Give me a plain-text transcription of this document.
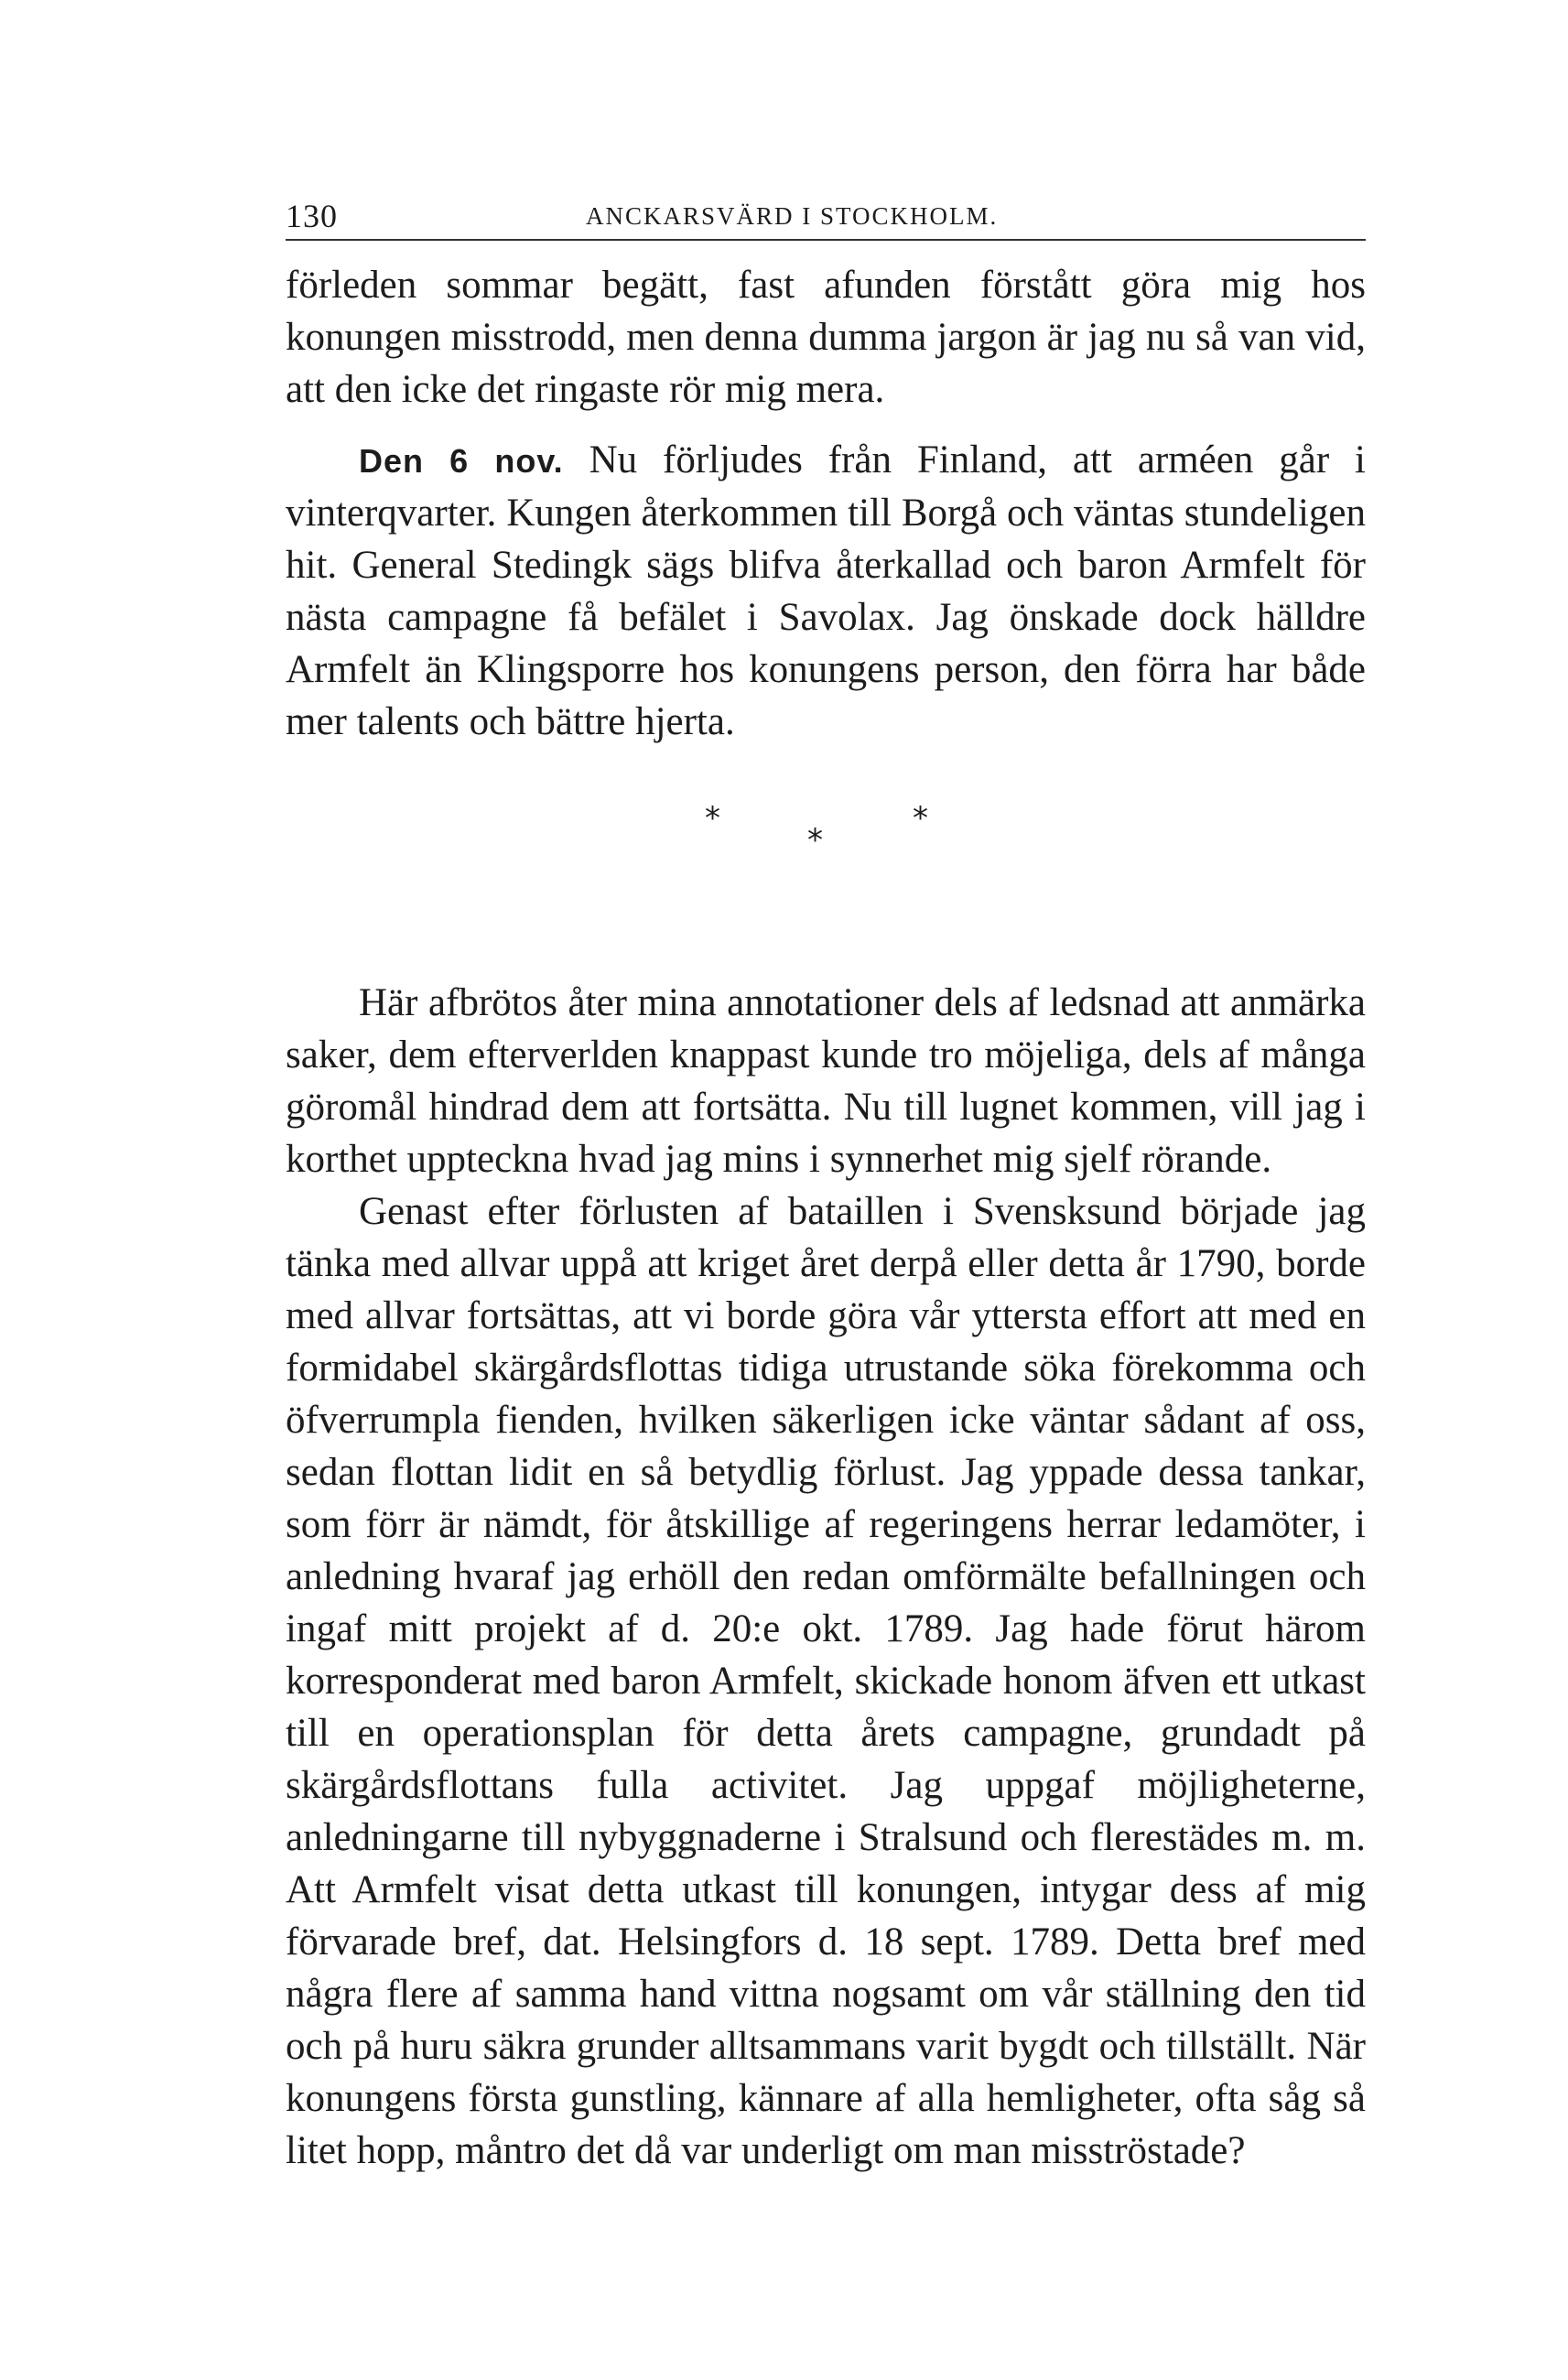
130	ANCKARSVÄRD I STOCKHOLM.

förleden sommar begätt, fast afunden förstått göra mig hos konungen misstrodd, men denna dumma jargon är jag nu så van vid, att den icke det ringaste rör mig mera.

Den 6 nov. Nu förljudes från Finland, att arméen går i vinterqvarter. Kungen återkommen till Borgå och väntas stundeligen hit. General Stedingk sägs blifva återkallad och baron Armfelt för nästa campagne få befälet i Savolax. Jag önskade dock hälldre Armfelt än Klingsporre hos konungens person, den förra har både mer talents och bättre hjerta.

*
*
*

Här afbrötos åter mina annotationer dels af ledsnad att anmärka saker, dem efterverlden knappast kunde tro möjeliga, dels af många göromål hindrad dem att fortsätta. Nu till lugnet kommen, vill jag i korthet uppteckna hvad jag mins i synnerhet mig sjelf rörande.

Genast efter förlusten af bataillen i Svensksund började jag tänka med allvar uppå att kriget året derpå eller detta år 1790, borde med allvar fortsättas, att vi borde göra vår yttersta effort att med en formidabel skärgårdsflottas tidiga utrustande söka förekomma och öfverrumpla fienden, hvilken säkerligen icke väntar sådant af oss, sedan flottan lidit en så betydlig förlust. Jag yppade dessa tankar, som förr är nämdt, för åtskillige af regeringens herrar ledamöter, i anledning hvaraf jag erhöll den redan omförmälte befallningen och ingaf mitt projekt af d. 20:e okt. 1789. Jag hade förut härom korresponderat med baron Armfelt, skickade honom äfven ett utkast till en operationsplan för detta årets campagne, grundadt på skärgårdsflottans fulla activitet. Jag uppgaf möjligheterne, anledningarne till nybyggnaderne i Stralsund och flerestädes m. m. Att Armfelt visat detta utkast till konungen, intygar dess af mig förvarade bref, dat. Helsingfors d. 18 sept. 1789. Detta bref med några flere af samma hand vittna nogsamt om vår ställning den tid och på huru säkra grunder alltsammans varit bygdt och tillställt. När konungens första gunstling, kännare af alla hemligheter, ofta såg så litet hopp, måntro det då var underligt om man misströstade?
